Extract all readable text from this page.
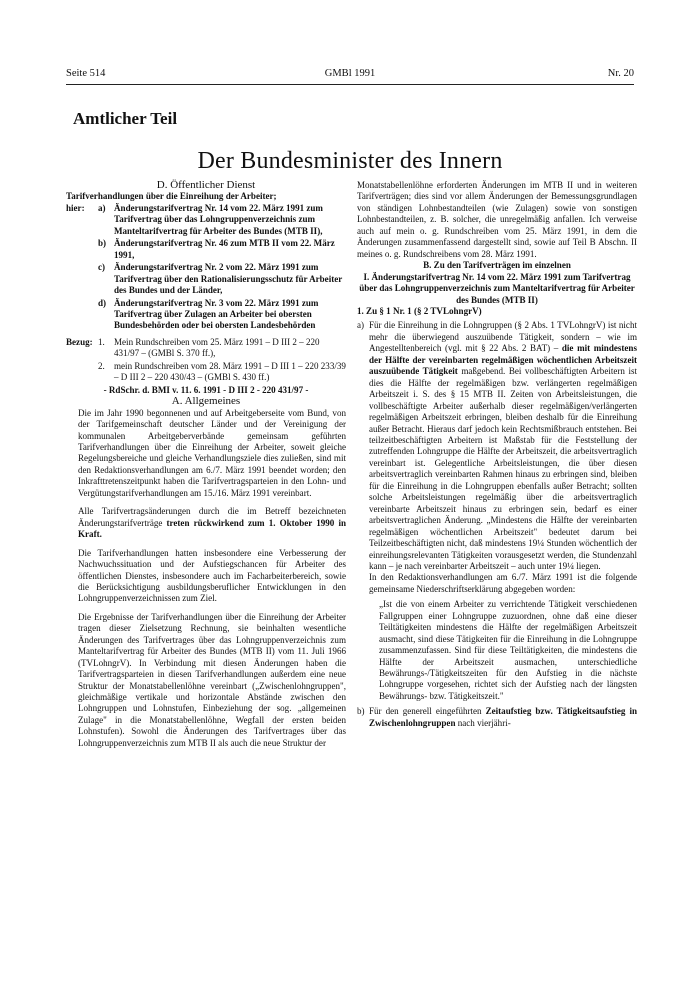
Seite 514	GMBl 1991	Nr. 20
Amtlicher Teil
Der Bundesminister des Innern

D. Öffentlicher Dienst

Tarifverhandlungen über die Einreihung der Arbeiter;

hier:	a) Änderungstarifvertrag Nr. 14 vom 22. März 1991 zum Tarifvertrag über das Lohngruppenverzeichnis zum Manteltarifvertrag für Arbeiter des Bundes (MTB II),
b) Änderungstarifvertrag Nr. 46 zum MTB II vom 22. März 1991,
c) Änderungstarifvertrag Nr. 2 vom 22. März 1991 zum Tarifvertrag über den Rationalisierungsschutz für Arbeiter des Bundes und der Länder,
d) Änderungstarifvertrag Nr. 3 vom 22. März 1991 zum Tarifvertrag über Zulagen an Arbeiter bei obersten Bundesbehörden oder bei obersten Landesbehörden
Bezug: 1.	Mein Rundschreiben vom 25. März 1991 – D III 2 – 220 431/97 – (GMBl S. 370 ff.),
2.	mein Rundschreiben vom 28. März 1991 – D III 1 – 220 233/39 – D III 2 – 220 430/43 – (GMBl S. 430 ff.)

- RdSchr. d. BMI v. 11. 6. 1991 - D III 2 - 220 431/97 -

A. Allgemeines

Die im Jahr 1990 begonnenen und auf Arbeitgeberseite vom Bund, von der Tarifgemeinschaft deutscher Länder und der Vereinigung der kommunalen Arbeitgeberverbände gemeinsam geführten Tarifverhandlungen über die Einreihung der Arbeiter, soweit gleiche Regelungsbereiche und gleiche Verhandlungsziele dies zuließen, sind mit den Redaktionsverhandlungen am 6./7. März 1991 beendet worden; den Inkrafttretenszeitpunkt haben die Tarifvertragsparteien in den Lohn- und Vergütungstarifverhandlungen am 15./16. März 1991 vereinbart.

Alle Tarifvertragsänderungen durch die im Betreff bezeichneten Änderungstarifverträge treten rückwirkend zum 1. Oktober 1990 in Kraft.

Die Tarifverhandlungen hatten insbesondere eine Verbesserung der Nachwuchssituation und der Aufstiegschancen für Arbeiter des öffentlichen Dienstes, insbesondere auch im Facharbeiterbereich, sowie die Berücksichtigung ausbildungsberuflicher Entwicklungen in den Lohngruppenverzeichnissen zum Ziel.

Die Ergebnisse der Tarifverhandlungen über die Einreihung der Arbeiter tragen dieser Zielsetzung Rechnung, sie beinhalten wesentliche Änderungen des Tarifvertrages über das Lohngruppenverzeichnis zum Manteltarifvertrag für Arbeiter des Bundes (MTB II) vom 11. Juli 1966 (TVLohngrV). In Verbindung mit diesen Änderungen haben die Tarifvertragsparteien in diesen Tarifverhandlungen außerdem eine neue Struktur der Monatstabellenlöhne vereinbart („Zwischenlohngruppen", gleichmäßige vertikale und horizontale Abstände zwischen den Lohngruppen und Lohnstufen, Einbeziehung der sog. „allgemeinen Zulage" in die Monatstabellenlöhne, Wegfall der ersten beiden Lohnstufen). Sowohl die Änderungen des Tarifvertrages über das Lohngruppenverzeichnis zum MTB II als auch die neue Struktur der

Monatstabellenlöhne erforderten Änderungen im MTB II und in weiteren Tarifverträgen; dies sind vor allem Änderungen der Bemessungsgrundlagen von ständigen Lohnbestandteilen (wie Zulagen) sowie von sonstigen Lohnbestandteilen, z. B. solcher, die unregelmäßig anfallen. Ich verweise auch auf mein o. g. Rundschreiben vom 25. März 1991, in dem die Änderungen zusammenfassend dargestellt sind, sowie auf Teil B Abschn. II meines o. g. Rundschreibens vom 28. März 1991.

B. Zu den Tarifverträgen im einzelnen

I. Änderungstarifvertrag Nr. 14 vom 22. März 1991 zum Tarifvertrag über das Lohngruppenverzeichnis zum Manteltarifvertrag für Arbeiter des Bundes (MTB II)

1. Zu § 1 Nr. 1 (§ 2 TVLohngrV)

a) Für die Einreihung in die Lohngruppen (§ 2 Abs. 1 TVLohngrV) ist nicht mehr die überwiegend auszuübende Tätigkeit, sondern – wie im Angestelltenbereich (vgl. mit § 22 Abs. 2 BAT) – die mit mindestens der Hälfte der vereinbarten regelmäßigen wöchentlichen Arbeitszeit auszuübende Tätigkeit maßgebend. Bei vollbeschäftigten Arbeitern ist dies die Hälfte der regelmäßigen bzw. verlängerten regelmäßigen Arbeitszeit i. S. des § 15 MTB II. Zeiten von Arbeitsleistungen, die vollbeschäftigte Arbeiter außerhalb dieser regelmäßigen/verlängerten regelmäßigen Arbeitszeit erbringen, bleiben deshalb für die Einreihung außer Betracht. Hieraus darf jedoch kein Rechtsmißbrauch entstehen. Bei teilzeitbeschäftigten Arbeitern ist Maßstab für die Feststellung der zutreffenden Lohngruppe die Hälfte der Arbeitszeit, die arbeitsvertraglich vereinbart ist. Gelegentliche Arbeitsleistungen, die über diesen arbeitsvertraglich vereinbarten Rahmen hinaus zu erbringen sind, bleiben für die Einreihung in die Lohngruppen ebenfalls außer Betracht; sollten solche Arbeitsleistungen regelmäßig über die arbeitsvertraglich vereinbarte Arbeitszeit hinaus zu erbringen sein, bedarf es einer arbeitsvertraglichen Änderung. „Mindestens die Hälfte der vereinbarten regelmäßigen wöchentlichen Arbeitszeit" bedeutet darum bei Teilzeitbeschäftigten nicht, daß mindestens 19¼ Stunden wöchentlich der einreihungsrelevanten Tätigkeiten vorausgesetzt werden, die Stundenzahl kann – je nach vereinbarter Arbeitszeit – auch unter 19¼ liegen.
In den Redaktionsverhandlungen am 6./7. März 1991 ist die folgende gemeinsame Niederschriftserklärung abgegeben worden:
„Ist die von einem Arbeiter zu verrichtende Tätigkeit verschiedenen Fallgruppen einer Lohngruppe zuzuordnen, ohne daß eine dieser Teiltätigkeiten mindestens die Hälfte der regelmäßigen Arbeitszeit ausmacht, sind diese Tätigkeiten für die Einreihung in die Lohngruppe zusammenzufassen. Sind für diese Teiltätigkeiten, die mindestens die Hälfte der Arbeitszeit ausmachen, unterschiedliche Bewährungs-/Tätigkeitszeiten für den Aufstieg in die nächste Lohngruppe vorgesehen, richtet sich der Aufstieg nach der längsten Bewährungs- bzw. Tätigkeitszeit."
b) Für den generell eingeführten Zeitaufstieg bzw. Tätigkeitsaufstieg in Zwischenlohngruppen nach vierjähri-
